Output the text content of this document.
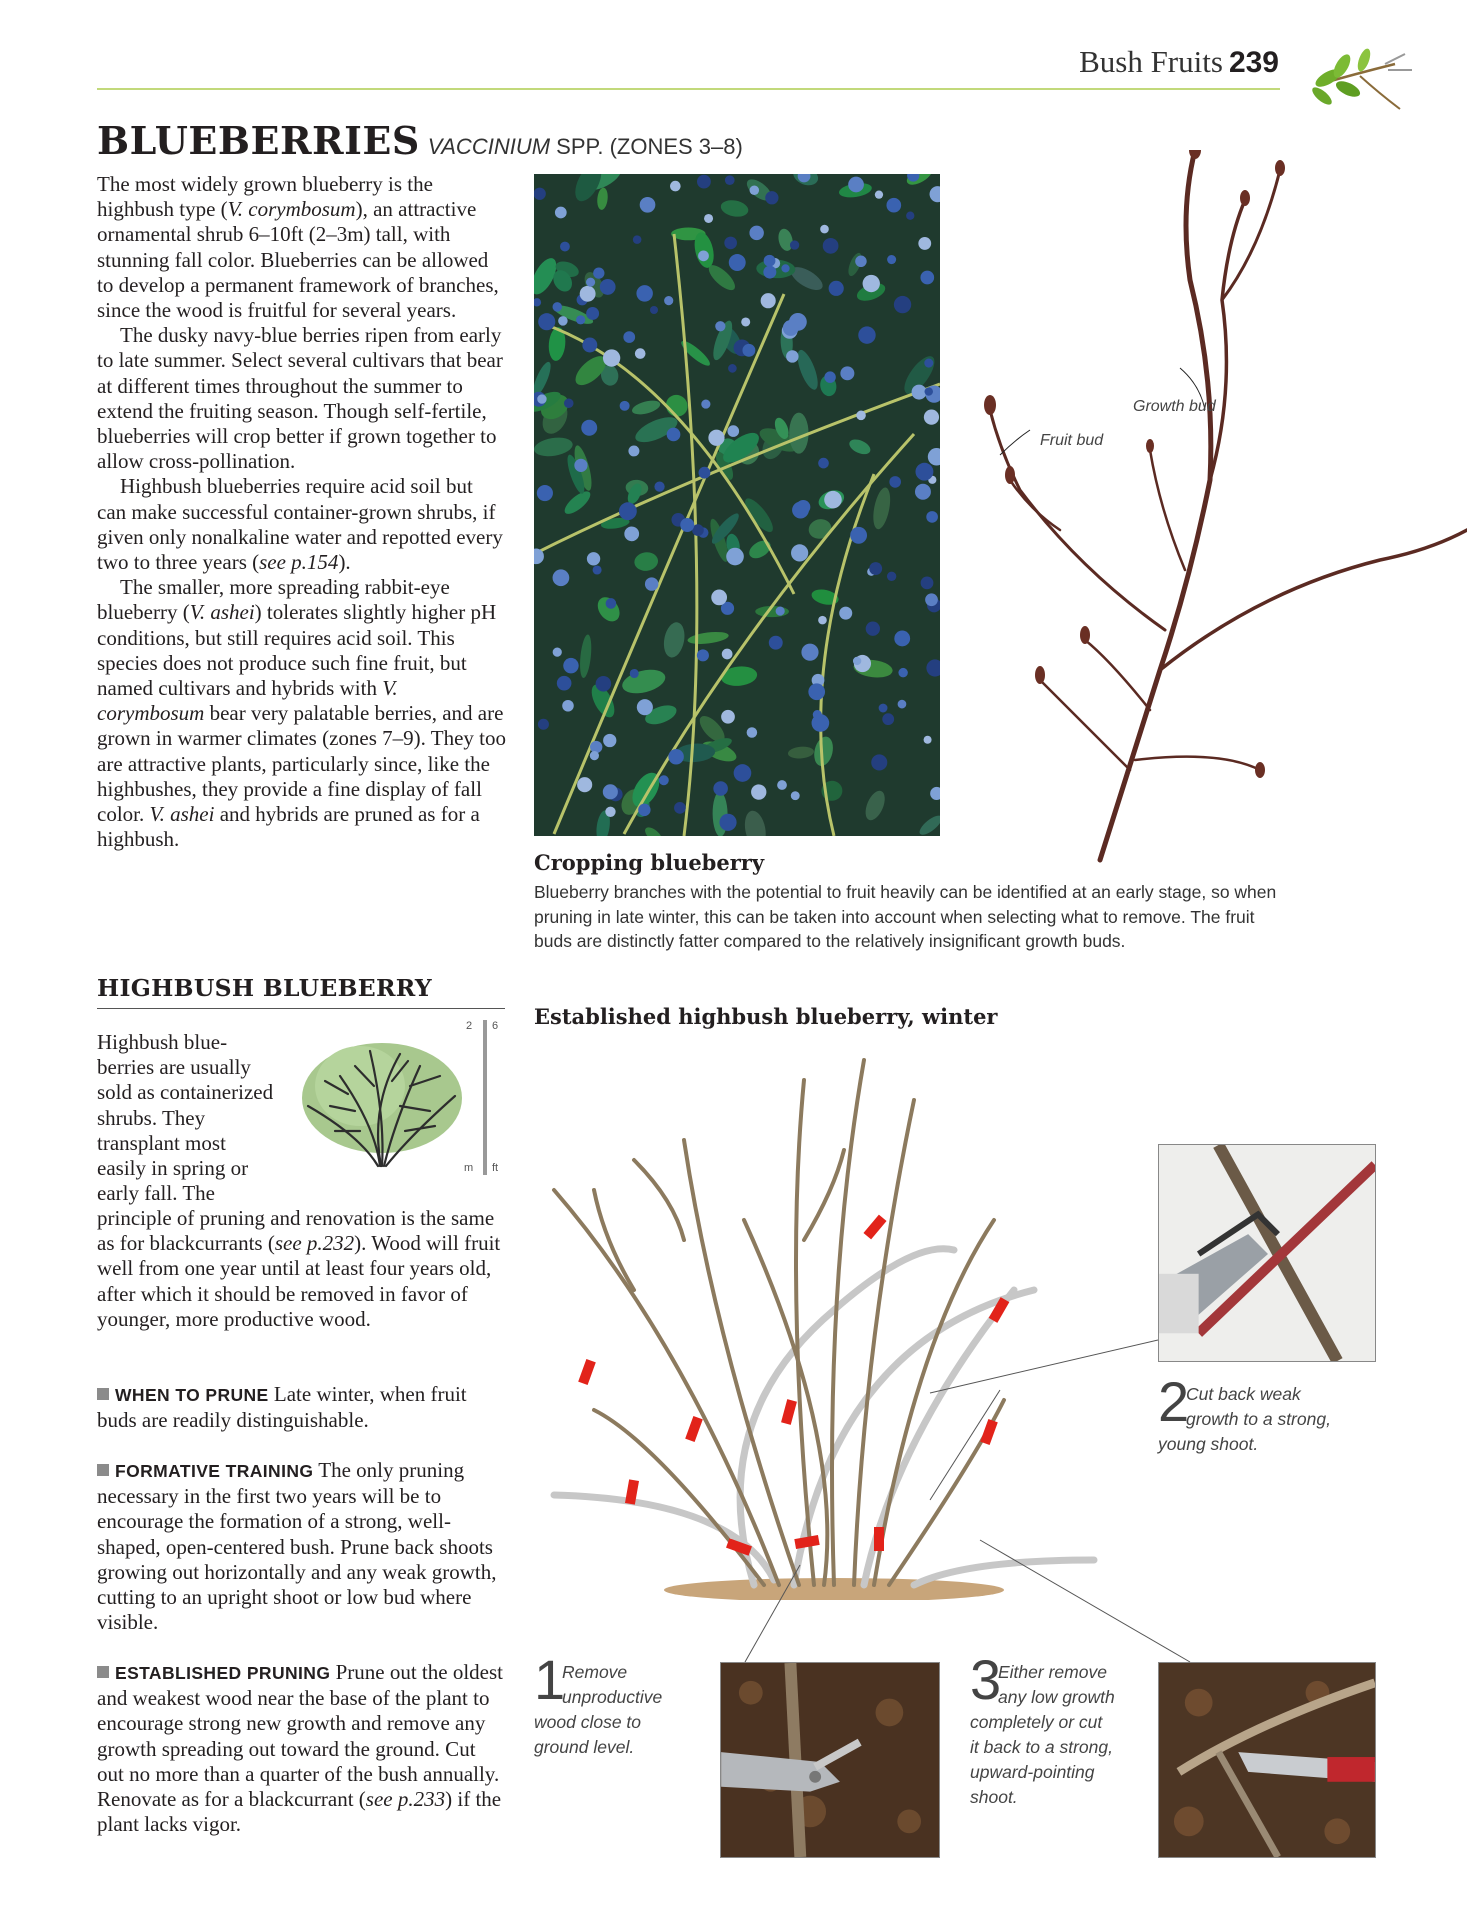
Bush Fruits 239
BLUEBERRIES VACCINIUM SPP. (ZONES 3–8)

The most widely grown blueberry is the highbush type (V. corymbosum), an attractive ornamental shrub 6–10ft (2–3m) tall, with stunning fall color. Blueberries can be allowed to develop a permanent framework of branches, since the wood is fruitful for several years.

The dusky navy-blue berries ripen from early to late summer. Select several cultivars that bear at different times throughout the summer to extend the fruiting season. Though self-fertile, blueberries will crop better if grown together to allow cross-pollination.

Highbush blueberries require acid soil but can make successful container-grown shrubs, if given only nonalkaline water and repotted every two to three years (see p.154).

The smaller, more spreading rabbit-eye blueberry (V. ashei) tolerates slightly higher pH conditions, but still requires acid soil. This species does not produce such fine fruit, but named cultivars and hybrids with V. corymbosum bear very palatable berries, and are grown in warmer climates (zones 7–9). They too are attractive plants, particularly since, like the highbushes, they provide a fine display of fall color. V. ashei and hybrids are pruned as for a highbush.

HIGHBUSH BLUEBERRY
Highbush blue-berries are usually sold as containerized shrubs. They transplant most easily in spring or early fall. The
2 6
m ft
principle of pruning and renovation is the same as for blackcurrants (see p.232). Wood will fruit well from one year until at least four years old, after which it should be removed in favor of younger, more productive wood.
WHEN TO PRUNE Late winter, when fruit buds are readily distinguishable.
FORMATIVE TRAINING The only pruning necessary in the first two years will be to encourage the formation of a strong, well-shaped, open-centered bush. Prune back shoots growing out horizontally and any weak growth, cutting to an upright shoot or low bud where visible.
ESTABLISHED PRUNING Prune out the oldest and weakest wood near the base of the plant to encourage strong new growth and remove any growth spreading out toward the ground. Cut out no more than a quarter of the bush annually. Renovate as for a blackcurrant (see p.233) if the plant lacks vigor.
Growth bud
Fruit bud
Cropping blueberry
Blueberry branches with the potential to fruit heavily can be identified at an early stage, so when pruning in late winter, this can be taken into account when selecting what to remove. The fruit buds are distinctly fatter compared to the relatively insignificant growth buds.
Established highbush blueberry, winter
1
Remove
unproductive
wood close to
ground level.
2
Cut back weak
growth to a strong,
young shoot.
3
Either remove
any low growth
completely or cut
it back to a strong,
upward-pointing
shoot.
